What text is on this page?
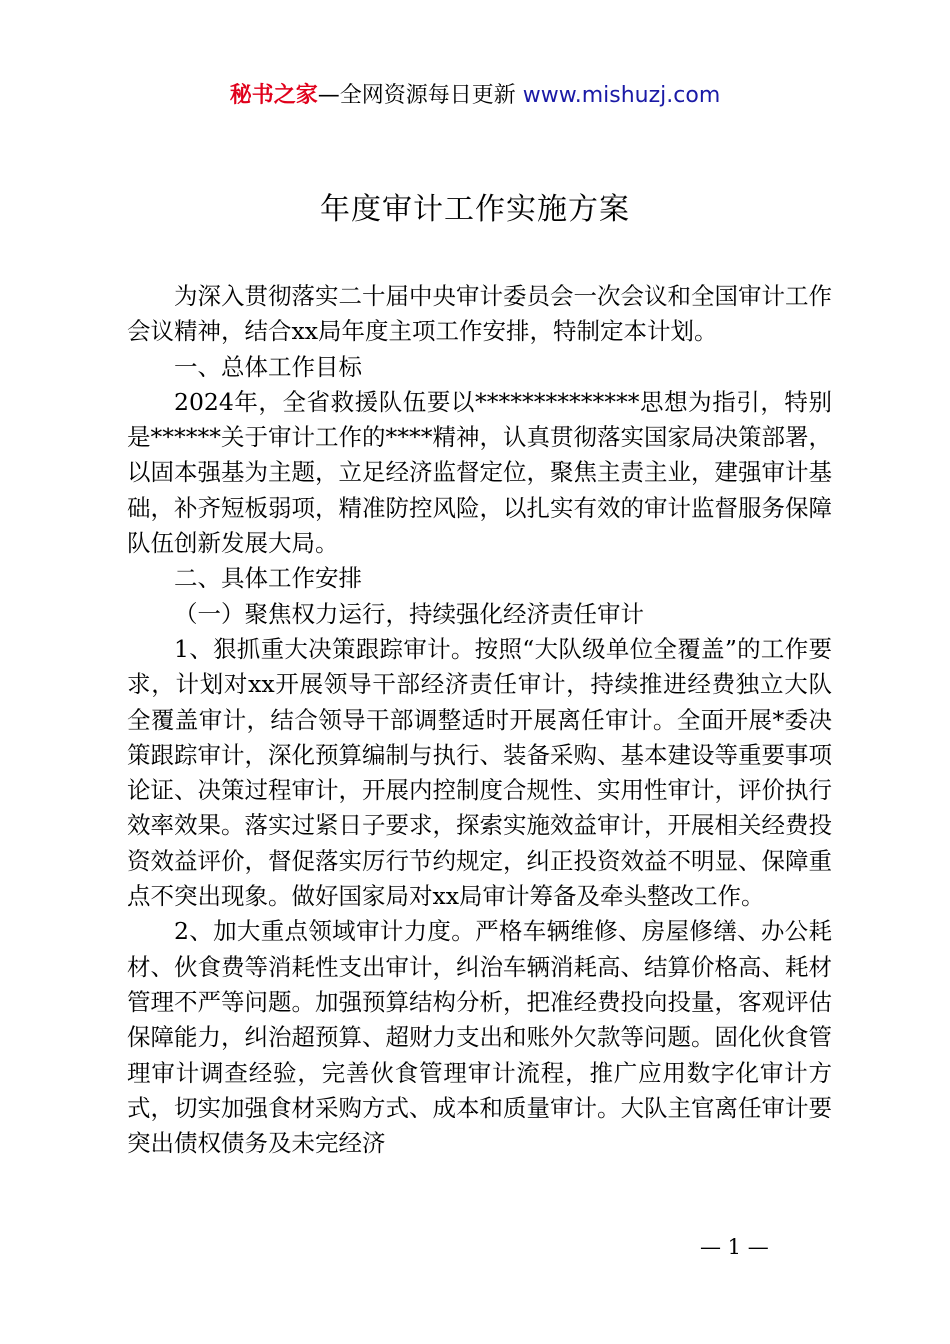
秘书之家—全网资源每日更新 www.mishuzj.com
年度审计工作实施方案

为深入贯彻落实二十届中央审计委员会一次会议和全国审计工作会议精神，结合xx局年度主项工作安排，特制定本计划。

一、总体工作目标

2024年，全省救援队伍要以**************思想为指引，特别是******关于审计工作的****精神，认真贯彻落实国家局决策部署，以固本强基为主题，立足经济监督定位，聚焦主责主业，建强审计基础，补齐短板弱项，精准防控风险，以扎实有效的审计监督服务保障队伍创新发展大局。

二、具体工作安排

（一）聚焦权力运行，持续强化经济责任审计

1、狠抓重大决策跟踪审计。按照“大队级单位全覆盖”的工作要求，计划对xx开展领导干部经济责任审计，持续推进经费独立大队全覆盖审计，结合领导干部调整适时开展离任审计。全面开展*委决策跟踪审计，深化预算编制与执行、装备采购、基本建设等重要事项论证、决策过程审计，开展内控制度合规性、实用性审计，评价执行效率效果。落实过紧日子要求，探索实施效益审计，开展相关经费投资效益评价，督促落实厉行节约规定，纠正投资效益不明显、保障重点不突出现象。做好国家局对xx局审计筹备及牵头整改工作。

2、加大重点领域审计力度。严格车辆维修、房屋修缮、办公耗材、伙食费等消耗性支出审计，纠治车辆消耗高、结算价格高、耗材管理不严等问题。加强预算结构分析，把准经费投向投量，客观评估保障能力，纠治超预算、超财力支出和账外欠款等问题。固化伙食管理审计调查经验，完善伙食管理审计流程，推广应用数字化审计方式，切实加强食材采购方式、成本和质量审计。大队主官离任审计要突出债权债务及未完经济

— 1 —
